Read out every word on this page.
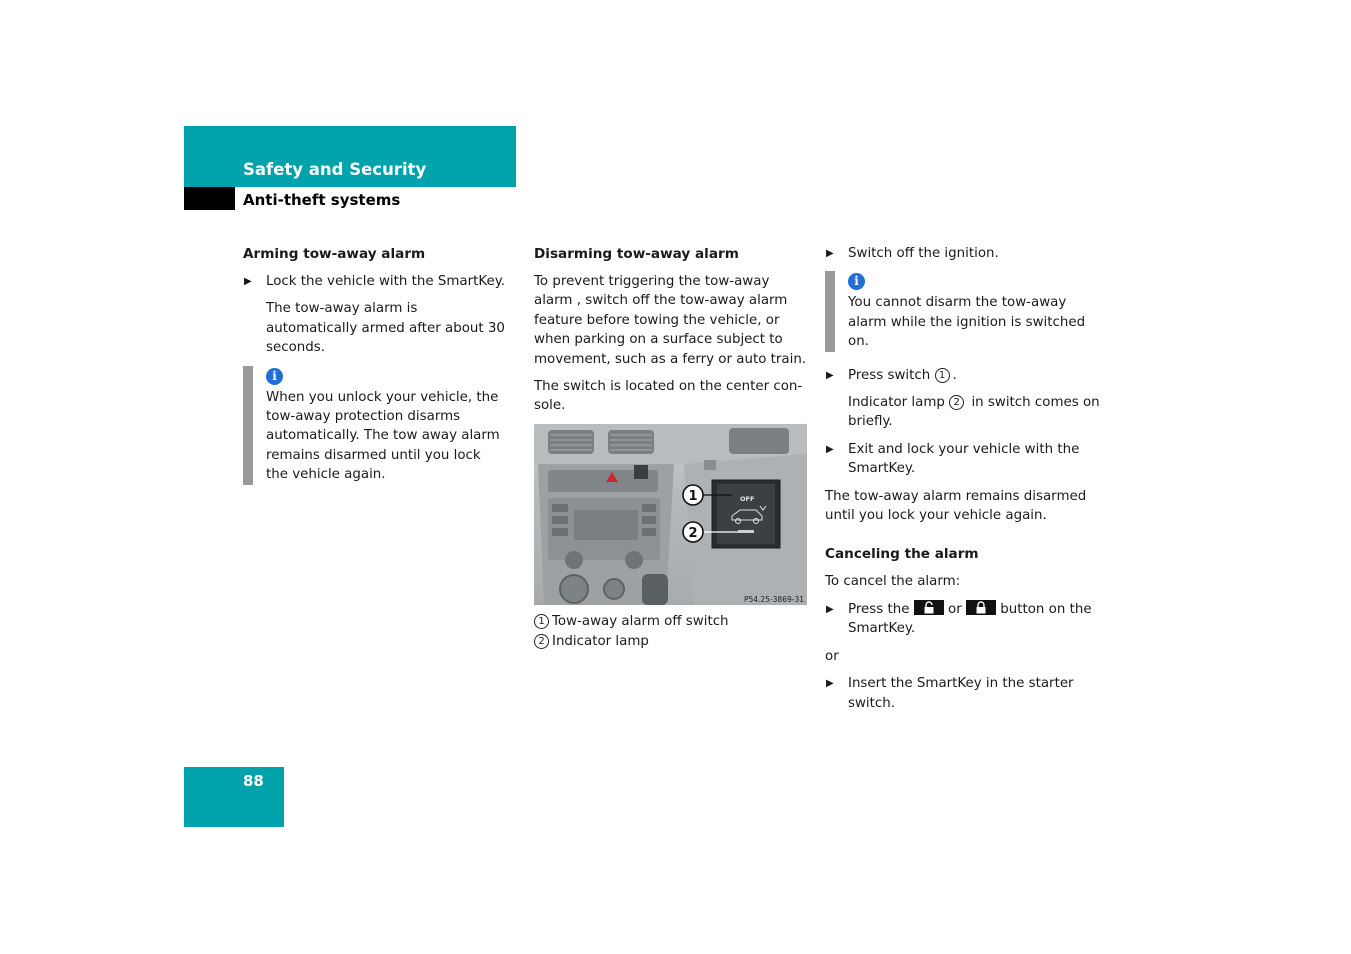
Safety and Security
Anti-theft systems
Arming tow-away alarm

▶ Lock the vehicle with the SmartKey.

The tow-away alarm is automatically armed after about 30 seconds.

i

When you unlock your vehicle, the tow-away protection disarms automatically. The tow away alarm remains disarmed until you lock the vehicle again.

Disarming tow-away alarm

To prevent triggering the tow-away alarm , switch off the tow-away alarm feature before towing the vehicle, or when parking on a surface subject to movement, such as a ferry or auto train.

The switch is located on the center con-sole.

OFF
1
2
P54.25-3869-31

1 Tow-away alarm off switch

2 Indicator lamp

▶ Switch off the ignition.

i

You cannot disarm the tow-away alarm while the ignition is switched on.

▶ Press switch 1 .

Indicator lamp 2 in switch comes on briefly.

▶ Exit and lock your vehicle with the SmartKey.

The tow-away alarm remains disarmed until you lock your vehicle again.

Canceling the alarm

To cancel the alarm:

▶ Press the	or	button on the SmartKey.

or

▶ Insert the SmartKey in the starter switch.

88
